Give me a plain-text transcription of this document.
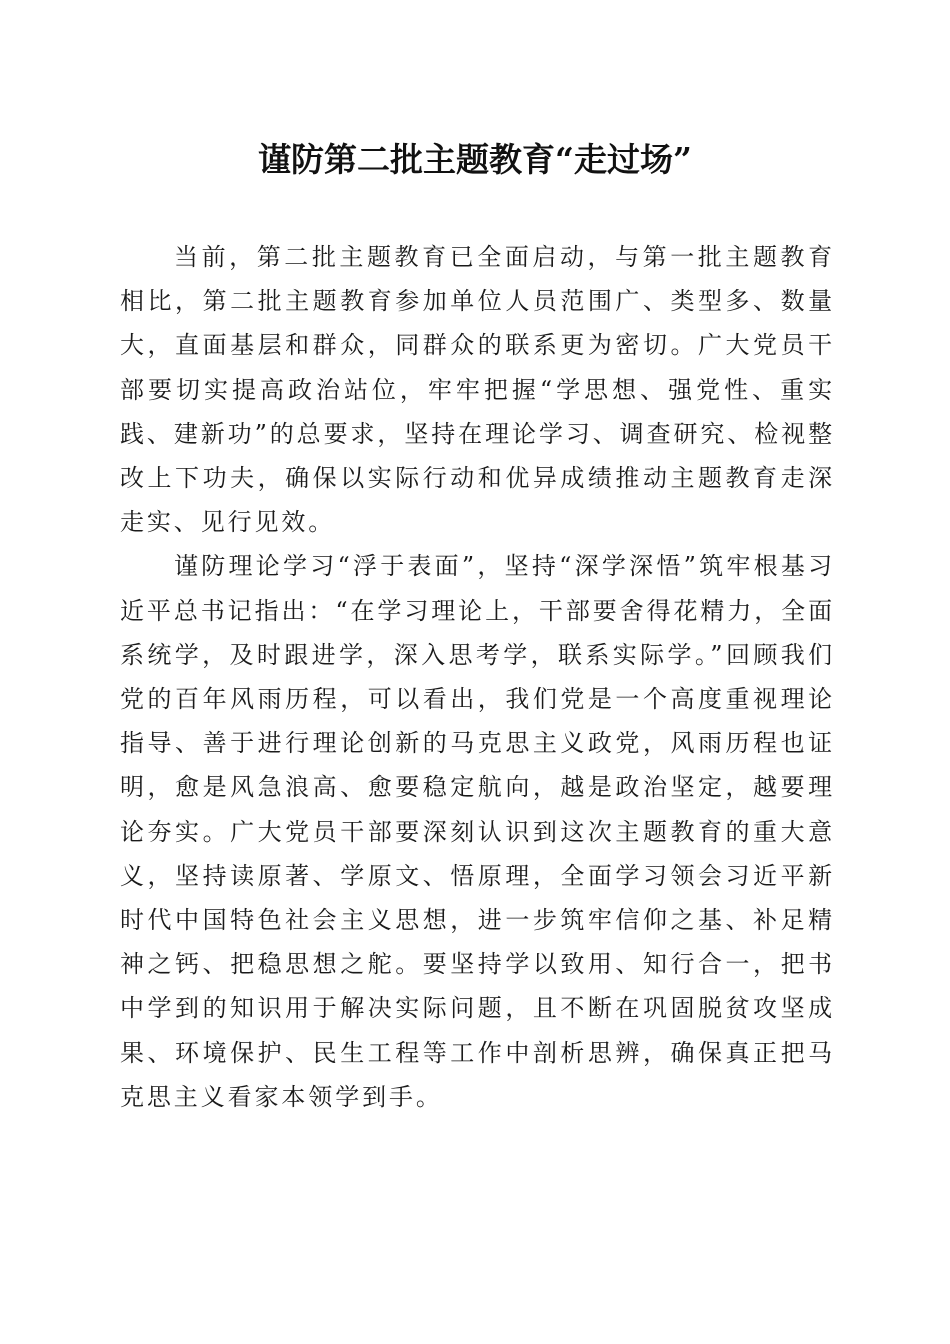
谨防第二批主题教育“走过场”

当前，第二批主题教育已全面启动，与第一批主题教育相比，第二批主题教育参加单位人员范围广、类型多、数量大，直面基层和群众，同群众的联系更为密切。广大党员干部要切实提高政治站位，牢牢把握“学思想、强党性、重实践、建新功”的总要求，坚持在理论学习、调查研究、检视整改上下功夫，确保以实际行动和优异成绩推动主题教育走深走实、见行见效。

谨防理论学习“浮于表面”，坚持“深学深悟”筑牢根基习近平总书记指出：“在学习理论上，干部要舍得花精力，全面系统学，及时跟进学，深入思考学，联系实际学。”回顾我们党的百年风雨历程，可以看出，我们党是一个高度重视理论指导、善于进行理论创新的马克思主义政党，风雨历程也证明，愈是风急浪高、愈要稳定航向，越是政治坚定，越要理论夯实。广大党员干部要深刻认识到这次主题教育的重大意义，坚持读原著、学原文、悟原理，全面学习领会习近平新时代中国特色社会主义思想，进一步筑牢信仰之基、补足精神之钙、把稳思想之舵。要坚持学以致用、知行合一，把书中学到的知识用于解决实际问题，且不断在巩固脱贫攻坚成果、环境保护、民生工程等工作中剖析思辨，确保真正把马克思主义看家本领学到手。
